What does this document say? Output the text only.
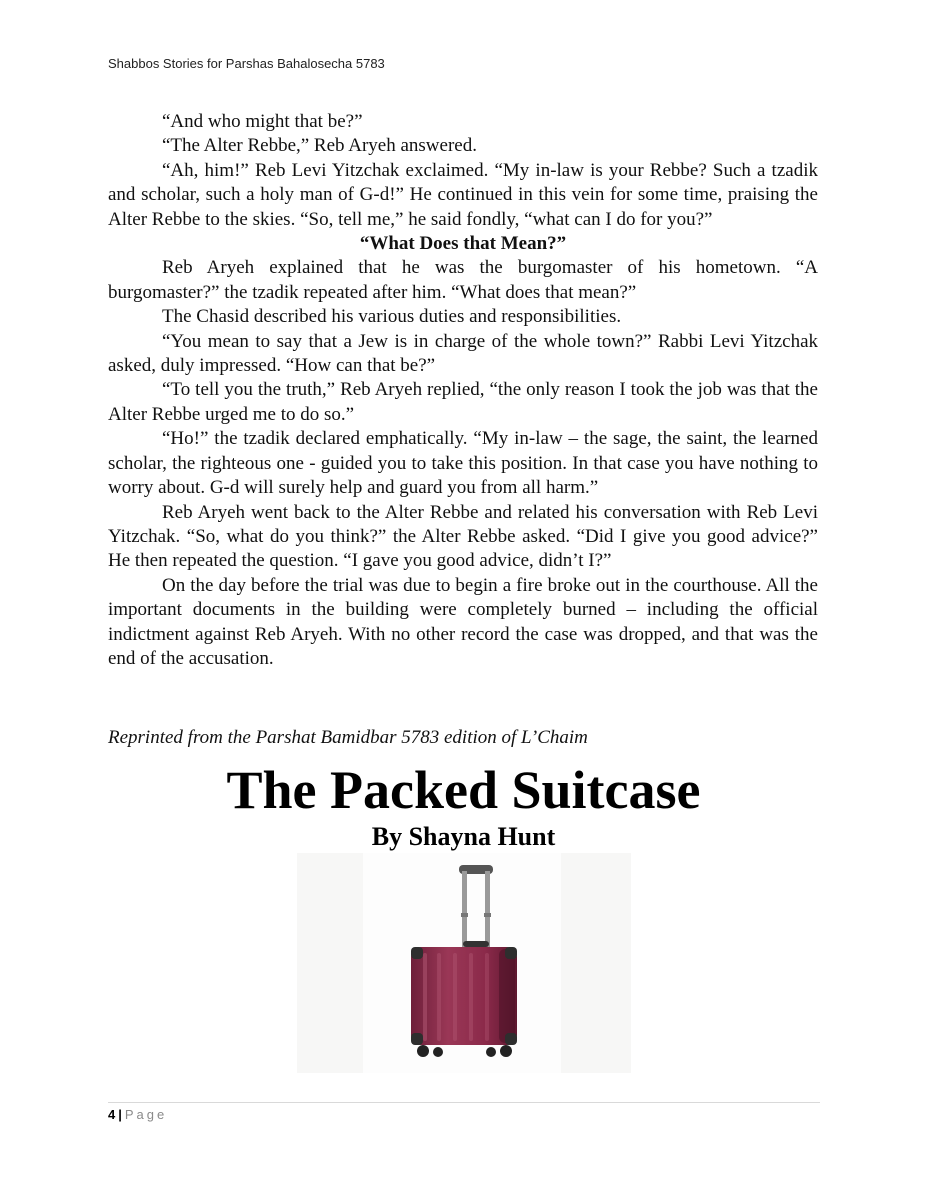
Shabbos Stories for Parshas Bahalosecha 5783

“And who might that be?”

“The Alter Rebbe,” Reb Aryeh answered.

“Ah, him!” Reb Levi Yitzchak exclaimed. “My in-law is your Rebbe? Such a tzadik and scholar, such a holy man of G-d!” He continued in this vein for some time, praising the Alter Rebbe to the skies. “So, tell me,” he said fondly, “what can I do for you?”

“What Does that Mean?”

Reb Aryeh explained that he was the burgomaster of his hometown. “A burgomaster?” the tzadik repeated after him. “What does that mean?”

The Chasid described his various duties and responsibilities.

“You mean to say that a Jew is in charge of the whole town?” Rabbi Levi Yitzchak asked, duly impressed. “How can that be?”

“To tell you the truth,” Reb Aryeh replied, “the only reason I took the job was that the Alter Rebbe urged me to do so.”

“Ho!” the tzadik declared emphatically. “My in-law – the sage, the saint, the learned scholar, the righteous one - guided you to take this position. In that case you have nothing to worry about. G-d will surely help and guard you from all harm.”

Reb Aryeh went back to the Alter Rebbe and related his conversation with Reb Levi Yitzchak. “So, what do you think?” the Alter Rebbe asked. “Did I give you good advice?” He then repeated the question. “I gave you good advice, didn’t I?”

On the day before the trial was due to begin a fire broke out in the courthouse. All the important documents in the building were completely burned – including the official indictment against Reb Aryeh. With no other record the case was dropped, and that was the end of the accusation.

Reprinted from the Parshat Bamidbar 5783 edition of L’Chaim
The Packed Suitcase
By Shayna Hunt
4 | Page
